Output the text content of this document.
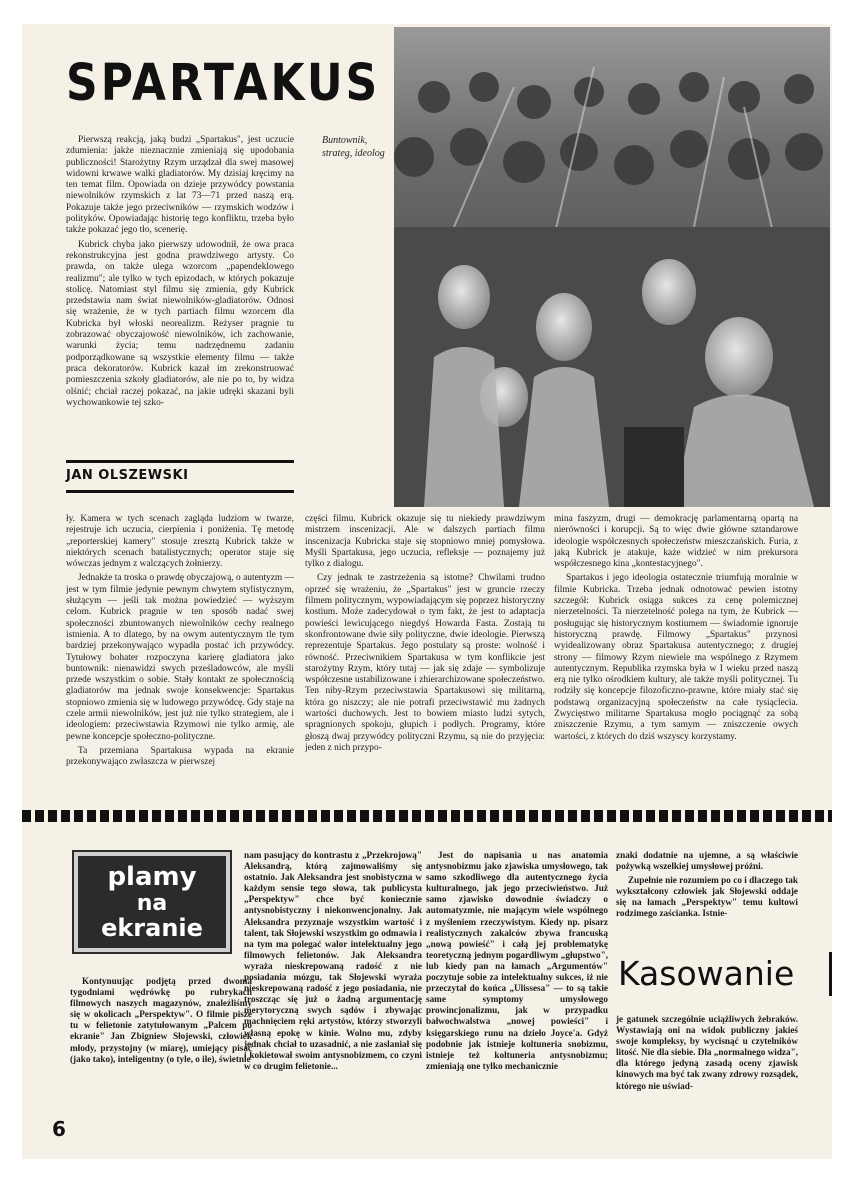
SPARTAKUS
Buntownik, strateg, ideolog

Pierwszą reakcją, jaką budzi „Spartakus", jest uczucie zdumienia: jakże nieznacznie zmieniają się upodobania publiczności! Starożytny Rzym urządzał dla swej masowej widowni krwawe walki gladiatorów. My dzisiaj kręcimy na ten temat film. Opowiada on dzieje przywódcy powstania niewolników rzymskich z lat 73—71 przed naszą erą. Pokazuje także jego przeciwników — rzymskich wodzów i polityków. Opowiadając historię tego konfliktu, trzeba było także pokazać jego tło, scenerię.

Kubrick chyba jako pierwszy udowodnił, że owa praca rekonstrukcyjna jest godna prawdziwego artysty. Co prawda, on także ulega wzorcom „papendeklowego realizmu"; ale tylko w tych epizodach, w których pokazuje stolicę. Natomiast styl filmu się zmienia, gdy Kubrick przedstawia nam świat niewolników-gladiatorów. Odnosi się wrażenie, że w tych partiach filmu wzorcem dla Kubricka był włoski neorealizm. Reżyser pragnie tu zobrazować obyczajowość niewolników, ich zachowanie, warunki życia; temu nadrzędnemu zadaniu podporządkowane są wszystkie elementy filmu — także praca dekoratorów. Kubrick kazał im zrekonstruować pomieszczenia szkoły gladiatorów, ale nie po to, by widza olśnić; chciał raczej pokazać, na jakie udręki skazani byli wychowankowie tej szko-

JAN OLSZEWSKI

ły. Kamera w tych scenach zagląda ludziom w twarze, rejestruje ich uczucia, cierpienia i poniżenia. Tę metodę „reporterskiej kamery" stosuje zresztą Kubrick także w niektórych scenach batalistycznych; operator staje się wówczas jednym z walczących żołnierzy.

Jednakże ta troska o prawdę obyczajową, o autentyzm — jest w tym filmie jedynie pewnym chwytem stylistycznym, służącym — jeśli tak można powiedzieć — wyższym celom. Kubrick pragnie w ten sposób nadać swej społeczności zbuntowanych niewolników cechy realnego istnienia. A to dlatego, by na owym autentycznym tle tym bardziej przekonywająco wypadła postać ich przywódcy. Tytułowy bohater rozpoczyna karierę gladiatora jako buntownik: nienawidzi swych prześladowców, ale myśli przede wszystkim o sobie. Stały kontakt ze społecznością gladiatorów ma jednak swoje konsekwencje: Spartakus stopniowo zmienia się w ludowego przywódcę. Gdy staje na czele armii niewolników, jest już nie tylko strategiem, ale i ideologiem: przeciwstawia Rzymowi nie tylko armię, ale pewne koncepcje społeczno-polityczne.

Ta przemiana Spartakusa wypada na ekranie przekonywająco zwłaszcza w pierwszej

części filmu. Kubrick okazuje się tu niekiedy prawdziwym mistrzem inscenizacji. Ale w dalszych partiach filmu inscenizacja Kubricka staje się stopniowo mniej pomysłowa. Myśli Spartakusa, jego uczucia, refleksje — poznajemy już tylko z dialogu.

Czy jednak te zastrzeżenia są istotne? Chwilami trudno oprzeć się wrażeniu, że „Spartakus" jest w gruncie rzeczy filmem politycznym, wypowiadającym się poprzez historyczny kostium. Może zadecydował o tym fakt, że jest to adaptacja powieści lewicującego niegdyś Howarda Fasta. Zostają tu skonfrontowane dwie siły polityczne, dwie ideologie. Pierwszą reprezentuje Spartakus. Jego postulaty są proste: wolność i równość. Przeciwnikiem Spartakusa w tym konflikcie jest starożytny Rzym, który tutaj — jak się zdaje — symbolizuje współczesne ustabilizowane i zhierarchizowane społeczeństwo. Ten niby-Rzym przeciwstawia Spartakusowi się militarną, która go niszczy; ale nie potrafi przeciwstawić mu żadnych wartości duchowych. Jest to bowiem miasto ludzi sytych, spragnionych spokoju, głupich i podłych. Programy, które głoszą dwaj przywódcy polityczni Rzymu, są nie do przyjęcia: jeden z nich przypo-

mina faszyzm, drugi — demokrację parlamentarną opartą na nierówności i korupcji. Są to więc dwie główne sztandarowe ideologie współczesnych społeczeństw mieszczańskich. Furia, z jaką Kubrick je atakuje, każe widzieć w nim prekursora współczesnego kina „kontestacyjnego".

Spartakus i jego ideologia ostatecznie triumfują moralnie w filmie Kubricka. Trzeba jednak odnotować pewien istotny szczegół: Kubrick osiąga sukces za cenę polemicznej nierzetelności. Ta nierzetelność polega na tym, że Kubrick — posługując się historycznym kostiumem — świadomie ignoruje historyczną prawdę. Filmowy „Spartakus" przynosi wyidealizowany obraz Spartakusa autentycznego; z drugiej strony — filmowy Rzym niewiele ma wspólnego z Rzymem autentycznym. Republika rzymska była w I wieku przed naszą erą nie tylko ośrodkiem kultury, ale także myśli politycznej. Tu rodziły się koncepcje filozoficzno-prawne, które miały stać się podstawą organizacyjną społeczeństw na całe tysiąclecia. Zwycięstwo militarne Spartakusa mogło pociągnąć za sobą zniszczenie Rzymu, a tym samym — zniszczenie owych wartości, z których do dziś wszyscy korzystamy.

plamy
na
ekranie

Kontynuując podjętą przed dwoma tygodniami wędrówkę po rubrykach filmowych naszych magazynów, znaleźliśmy się w okolicach „Perspektyw". O filmie pisze tu w felietonie zatytułowanym „Palcem po ekranie" Jan Zbigniew Słojewski, człowiek młody, przystojny (w miarę), umiejący pisać (jako tako), inteligentny (o tyle, o ile), świetnie

nam pasujący do kontrastu z „Przekrojową" Aleksandrą, którą zajmowaliśmy się ostatnio. Jak Aleksandra jest snobistyczna w każdym sensie tego słowa, tak publicysta „Perspektyw" chce być koniecznie antysnobistyczny i niekonwencjonalny. Jak Aleksandra przyznaje wszystkim wartość i talent, tak Słojewski wszystkim go odmawia i na tym ma polegać walor intelektualny jego filmowych felietonów. Jak Aleksandra wyraża nieskrepowaną radość z nie posiadania mózgu, tak Słojewski wyraża nieskrepowaną radość z jego posiadania, nie troszcząc się już o żadną argumentację merytoryczną swych sądów i zbywając machnięciem ręki artystów, którzy stworzyli własną epokę w kinie. Wolno mu, zdyby jednak chciał to uzasadnić, a nie zaslaniał się i kokietował swoim antysnobizmem, co czyni w co drugim felietonie...

Jest do napisania u nas anatomia antysnobizmu jako zjawiska umysłowego, tak samo szkodliwego dla autentycznego życia kulturalnego, jak jego przeciwieństwo. Już samo zjawisko dowodnie świadczy o automatyzmie, nie mającym wiele wspólnego z myśleniem rzeczywistym. Kiedy np. pisarz realistycznych zakalców zbywa francuską „nową powieść" i całą jej problematykę teoretyczną jednym pogardliwym „głupstwo", lub kiedy pan na łamach „Argumentów" poczytuje sobie za intelektualny sukces, iż nie przeczytał do końca „Ulissesa" — to są takie same symptomy umysłowego prowincjonalizmu, jak w przypadku bałwochwalstwa „nowej powieści" i księgarskiego runu na dzieło Joyce'a. Gdyż podobnie jak istnieje koltuneria snobizmu, istnieje też koltuneria antysnobizmu; zmieniają one tylko mechanicznie

znaki dodatnie na ujemne, a są właściwie pożywką wszelkiej umysłowej próżni.

Zupełnie nie rozumiem po co i dlaczego tak wykształcony człowiek jak Słojewski oddaje się na łamach „Perspektyw" temu kultowi rodzimego zaścianka. Istnie-

Kasowanie

je gatunek szczególnie uciążliwych żebraków. Wystawiają oni na widok publiczny jakieś swoje kompleksy, by wycisnąć u czytelników litość. Nie dla siebie. Dla „normalnego widza", dla którego jedyną zasadą oceny zjawisk kinowych ma być tak zwany zdrowy rozsądek, którego nie uświad-

6
